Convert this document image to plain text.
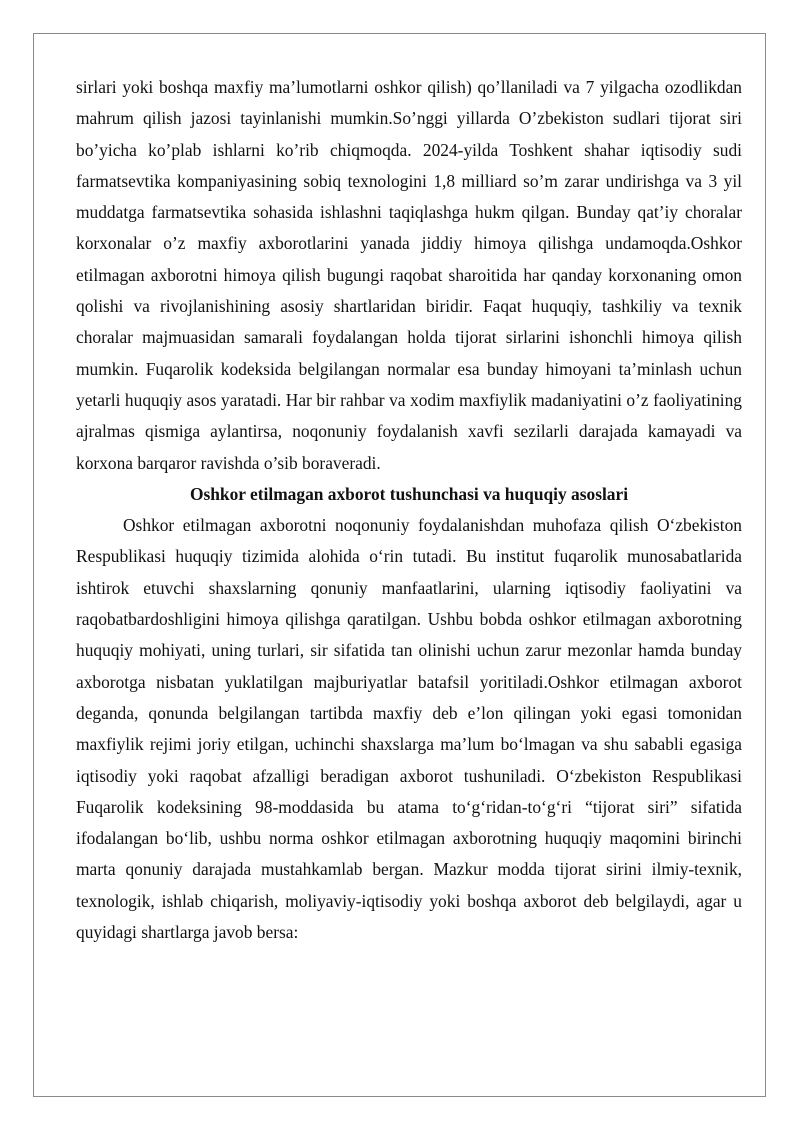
sirlari yoki boshqa maxfiy ma’lumotlarni oshkor qilish) qo’llaniladi va 7 yilgacha ozodlikdan mahrum qilish jazosi tayinlanishi mumkin.So’nggi yillarda O’zbekiston sudlari tijorat siri bo’yicha ko’plab ishlarni ko’rib chiqmoqda. 2024-yilda Toshkent shahar iqtisodiy sudi farmatsevtika kompaniyasining sobiq texnologini 1,8 milliard so’m zarar undirishga va 3 yil muddatga farmatsevtika sohasida ishlashni taqiqlashga hukm qilgan. Bunday qat’iy choralar korxonalar o’z maxfiy axborotlarini yanada jiddiy himoya qilishga undamoqda.Oshkor etilmagan axborotni himoya qilish bugungi raqobat sharoitida har qanday korxonaning omon qolishi va rivojlanishining asosiy shartlaridan biridir. Faqat huquqiy, tashkiliy va texnik choralar majmuasidan samarali foydalangan holda tijorat sirlarini ishonchli himoya qilish mumkin. Fuqarolik kodeksida belgilangan normalar esa bunday himoyani ta’minlash uchun yetarli huquqiy asos yaratadi. Har bir rahbar va xodim maxfiylik madaniyatini o’z faoliyatining ajralmas qismiga aylantirsa, noqonuniy foydalanish xavfi sezilarli darajada kamayadi va korxona barqaror ravishda o’sib boraveradi.

Oshkor etilmagan axborot tushunchasi va huquqiy asoslari

Oshkor etilmagan axborotni noqonuniy foydalanishdan muhofaza qilish O‘zbekiston Respublikasi huquqiy tizimida alohida o‘rin tutadi. Bu institut fuqarolik munosabatlarida ishtirok etuvchi shaxslarning qonuniy manfaatlarini, ularning iqtisodiy faoliyatini va raqobatbardoshligini himoya qilishga qaratilgan. Ushbu bobda oshkor etilmagan axborotning huquqiy mohiyati, uning turlari, sir sifatida tan olinishi uchun zarur mezonlar hamda bunday axborotga nisbatan yuklatilgan majburiyatlar batafsil yoritiladi.Oshkor etilmagan axborot deganda, qonunda belgilangan tartibda maxfiy deb e’lon qilingan yoki egasi tomonidan maxfiylik rejimi joriy etilgan, uchinchi shaxslarga ma’lum bo‘lmagan va shu sababli egasiga iqtisodiy yoki raqobat afzalligi beradigan axborot tushuniladi. O‘zbekiston Respublikasi Fuqarolik kodeksining 98-moddasida bu atama to‘g‘ridan-to‘g‘ri “tijorat siri” sifatida ifodalangan bo‘lib, ushbu norma oshkor etilmagan axborotning huquqiy maqomini birinchi marta qonuniy darajada mustahkamlab bergan. Mazkur modda tijorat sirini ilmiy-texnik, texnologik, ishlab chiqarish, moliyaviy-iqtisodiy yoki boshqa axborot deb belgilaydi, agar u quyidagi shartlarga javob bersa:
